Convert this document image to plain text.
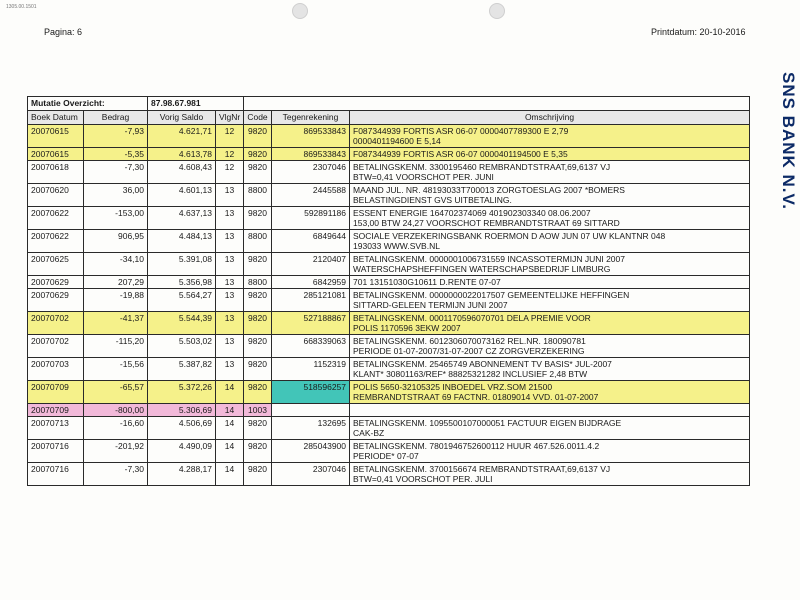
1305.00.1501
Pagina: 6	Printdatum: 20-10-2016
SNS BANK N.V.
Mutatie Overzicht:		87.98.67.981				
Boek Datum	Bedrag	Vorig Saldo	VlgNr	Code	Tegenrekening	Omschrijving
20070615	-7,93	4.621,71	12	9820	869533843	F087344939 FORTIS ASR 06-07 0000407789300 E 2,79
0000401194600 E 5,14

20070615	-5,35	4.613,78	12	9820	869533843	F087344939 FORTIS ASR 06-07 0000401194500 E 5,35

20070618	-7,30	4.608,43	12	9820	2307046	BETALINGSKENM. 3300195460 REMBRANDTSTRAAT,69,6137 VJ
BTW=0,41 VOORSCHOT PER. JUNI

20070620	36,00	4.601,13	13	8800	2445588	MAAND JUL. NR. 48193033T700013 ZORGTOESLAG 2007 *BOMERS
BELASTINGDIENST GVS UITBETALING.

20070622	-153,00	4.637,13	13	9820	592891186	ESSENT ENERGIE 164702374069 401902303340 08.06.2007
153,00 BTW 24,27 VOORSCHOT REMBRANDTSTRAAT 69 SITTARD

20070622	906,95	4.484,13	13	8800	6849644	SOCIALE VERZEKERINGSBANK ROERMON D AOW JUN 07 UW KLANTNR 048
193033 WWW.SVB.NL

20070625	-34,10	5.391,08	13	9820	2120407	BETALINGSKENM. 0000001006731559 INCASSOTERMIJN JUNI 2007
WATERSCHAPSHEFFINGEN WATERSCHAPSBEDRIJF LIMBURG

20070629	207,29	5.356,98	13	8800	6842959	701 13151030G10611 D.RENTE 07-07

20070629	-19,88	5.564,27	13	9820	285121081	BETALINGSKENM. 0000000022017507 GEMEENTELIJKE HEFFINGEN
SITTARD-GELEEN TERMIJN JUNI 2007

20070702	-41,37	5.544,39	13	9820	527188867	BETALINGSKENM. 0001170596070701 DELA PREMIE VOOR
POLIS 1170596 3EKW 2007

20070702	-115,20	5.503,02	13	9820	668339063	BETALINGSKENM. 6012306070073162 REL.NR. 180090781
PERIODE 01-07-2007/31-07-2007 CZ ZORGVERZEKERING

20070703	-15,56	5.387,82	13	9820	1152319	BETALINGSKENM. 25465749 ABONNEMENT TV BASIS* JUL-2007
KLANT* 30801163/REF* 88825321282 INCLUSIEF 2,48 BTW

20070709	-65,57	5.372,26	14	9820	518596257	POLIS 5650-32105325 INBOEDEL VRZ.SOM 21500
REMBRANDTSTRAAT 69 FACTNR. 01809014 VVD. 01-07-2007

20070709	-800,00	5.306,69	14	1003		

20070713	-16,60	4.506,69	14	9820	132695	BETALINGSKENM. 1095500107000051 FACTUUR EIGEN BIJDRAGE
CAK-BZ

20070716	-201,92	4.490,09	14	9820	285043900	BETALINGSKENM. 7801946752600112 HUUR 467.526.0011.4.2
PERIODE* 07-07

20070716	-7,30	4.288,17	14	9820	2307046	BETALINGSKENM. 3700156674 REMBRANDTSTRAAT,69,6137 VJ
BTW=0,41 VOORSCHOT PER. JULI
